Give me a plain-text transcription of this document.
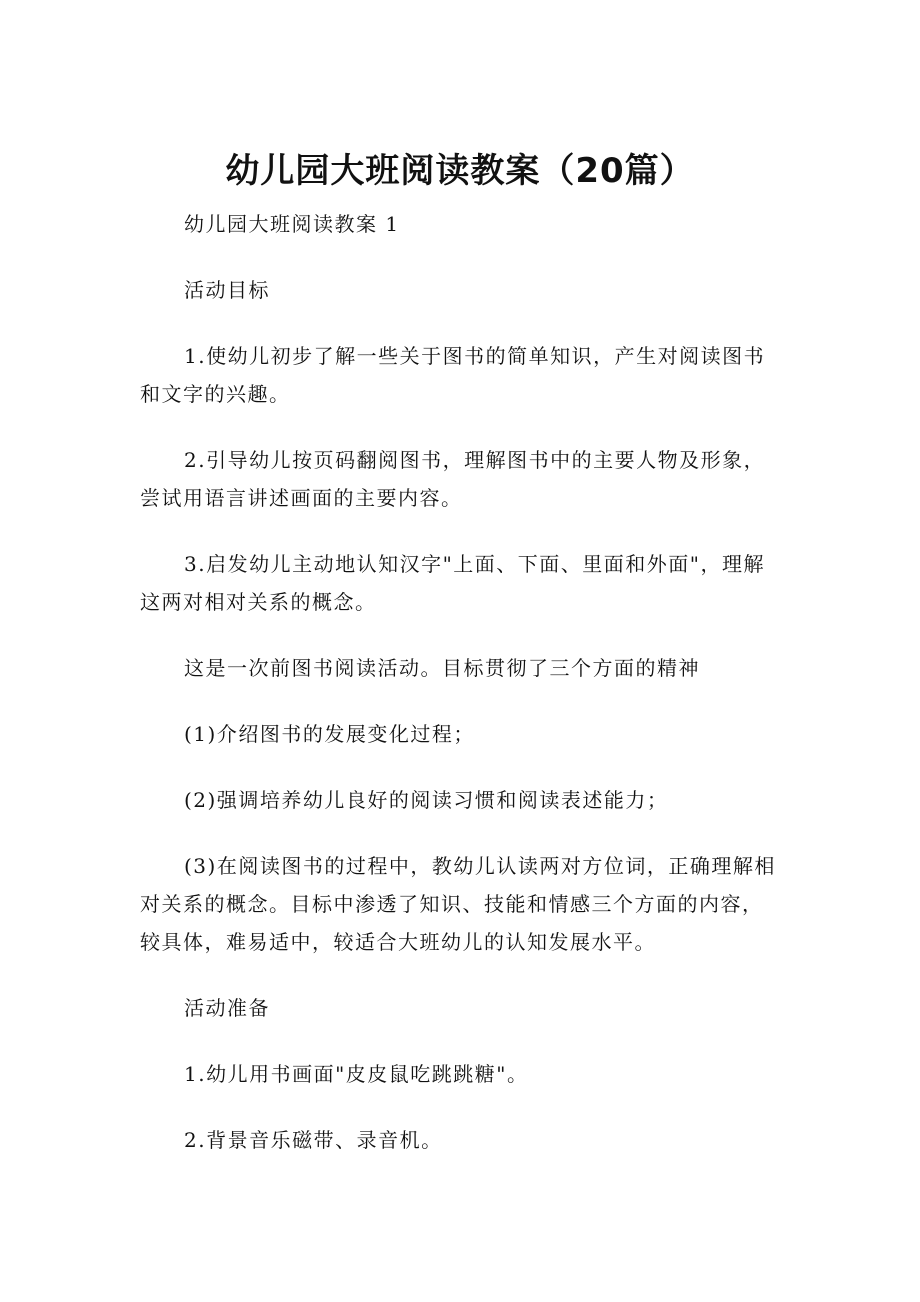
幼儿园大班阅读教案（20篇）

幼儿园大班阅读教案 1

活动目标

1.使幼儿初步了解一些关于图书的简单知识，产生对阅读图书和文字的兴趣。

2.引导幼儿按页码翻阅图书，理解图书中的主要人物及形象，尝试用语言讲述画面的主要内容。

3.启发幼儿主动地认知汉字"上面、下面、里面和外面"，理解这两对相对关系的概念。

这是一次前图书阅读活动。目标贯彻了三个方面的精神

(1)介绍图书的发展变化过程；

(2)强调培养幼儿良好的阅读习惯和阅读表述能力；

(3)在阅读图书的过程中，教幼儿认读两对方位词，正确理解相对关系的概念。目标中渗透了知识、技能和情感三个方面的内容，较具体，难易适中，较适合大班幼儿的认知发展水平。

活动准备

1.幼儿用书画面"皮皮鼠吃跳跳糖"。

2.背景音乐磁带、录音机。
